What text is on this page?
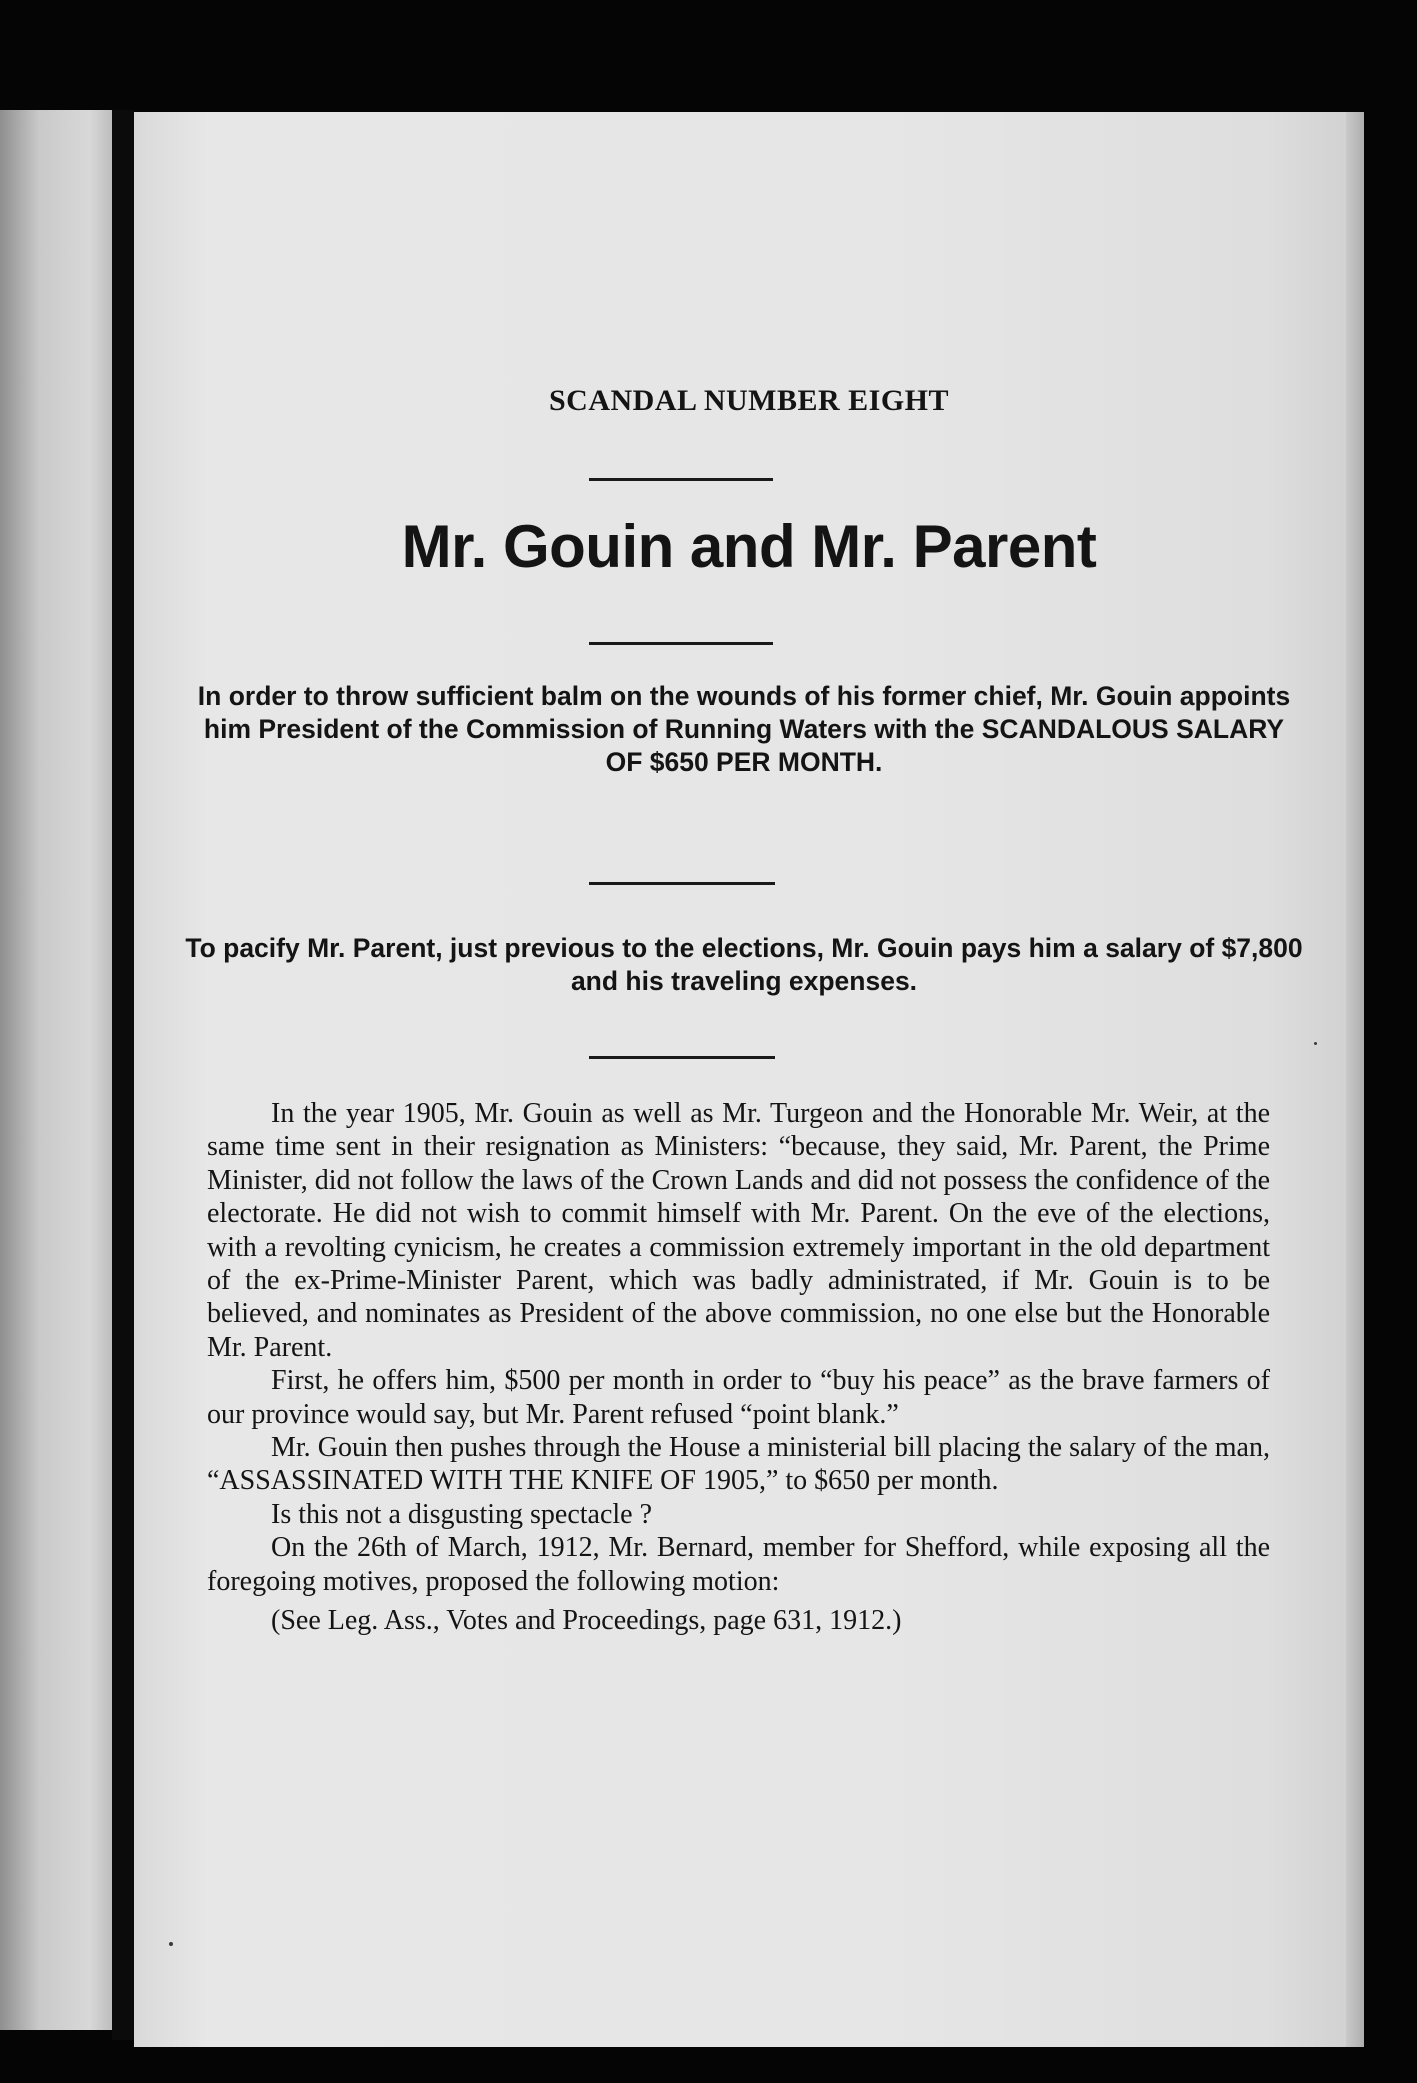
SCANDAL NUMBER EIGHT
Mr. Gouin and Mr. Parent
In order to throw sufficient balm on the wounds of his former chief, Mr. Gouin appoints him President of the Commission of Running Waters with the SCANDALOUS SALARY OF $650 PER MONTH.
To pacify Mr. Parent, just previous to the elections, Mr. Gouin pays him a salary of $7,800 and his traveling expenses.

In the year 1905, Mr. Gouin as well as Mr. Turgeon and the Honorable Mr. Weir, at the same time sent in their resignation as Ministers: “because, they said, Mr. Parent, the Prime Minister, did not follow the laws of the Crown Lands and did not possess the confidence of the electorate. He did not wish to commit himself with Mr. Parent. On the eve of the elections, with a revolting cynicism, he creates a commission extremely important in the old department of the ex-Prime-Minister Parent, which was badly administrated, if Mr. Gouin is to be believed, and nominates as President of the above commission, no one else but the Honorable Mr. Parent.

First, he offers him, $500 per month in order to “buy his peace” as the brave farmers of our province would say, but Mr. Parent refused “point blank.”

Mr. Gouin then pushes through the House a ministerial bill placing the salary of the man, “ASSASSINATED WITH THE KNIFE OF 1905,” to $650 per month.

Is this not a disgusting spectacle ?

On the 26th of March, 1912, Mr. Bernard, member for Shefford, while exposing all the foregoing motives, proposed the following motion:

(See Leg. Ass., Votes and Proceedings, page 631, 1912.)
